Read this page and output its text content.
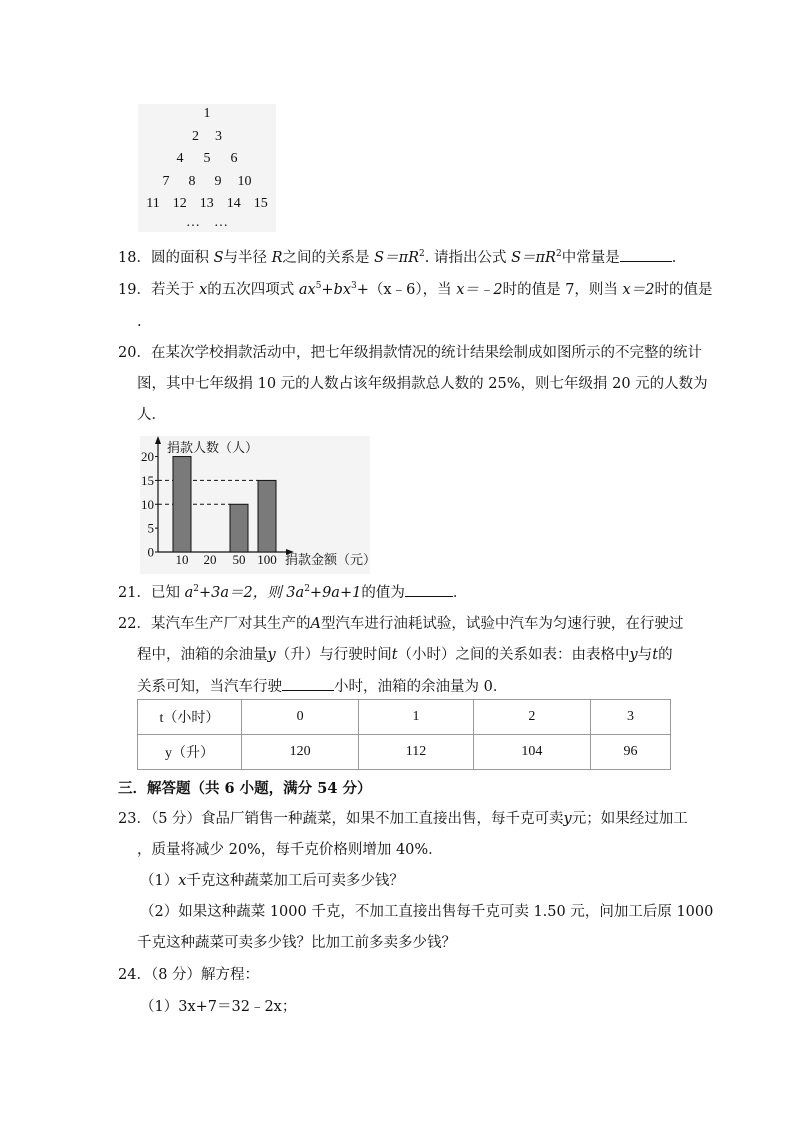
1
2 3
4 5 6
7 8 9 10
11 12 13 14 15
… …
18．圆的面积 S与半径 R之间的关系是 $S=\pi R^2$. 请指出公式 $S=\pi R^2$中常量是	．
19．若关于 x的五次四项式 $ax^5+bx^3+(x﹣6)$，当 x＝﹣2时的值是 7，则当 x＝2时的值是
.
20．在某次学校捐款活动中，把七年级捐款情况的统计结果绘制成如图所示的不完整的统计
图，其中七年级捐 10 元的人数占该年级捐款总人数的 25%，则七年级捐 20 元的人数为
人．
捐款人数（人）
捐款金额（元）
0
5
10
15
20
10 20 50 100
21．已知 $a^2+3a=2$，则 $3a^2+9a+1$的值为	．
22．某汽车生产厂对其生产的A型汽车进行油耗试验，试验中汽车为匀速行驶，在行驶过
程中，油箱的余油量y（升）与行驶时间t（小时）之间的关系如表：由表格中y与t的
关系可知，当汽车行驶	小时，油箱的余油量为 0．
t（小时）	0	1	2	3
y（升）	120	112	104	96
三．解答题（共 6 小题，满分 54 分）
23．（5 分）食品厂销售一种蔬菜，如果不加工直接出售，每千克可卖y元；如果经过加工
，质量将减少 20%，每千克价格则增加 40%．
（1）x千克这种蔬菜加工后可卖多少钱？
（2）如果这种蔬菜 1000 千克，不加工直接出售每千克可卖 1.50 元，问加工后原 1000
千克这种蔬菜可卖多少钱？比加工前多卖多少钱？
24．（8 分）解方程：
（1）3x+7＝32﹣2x；
